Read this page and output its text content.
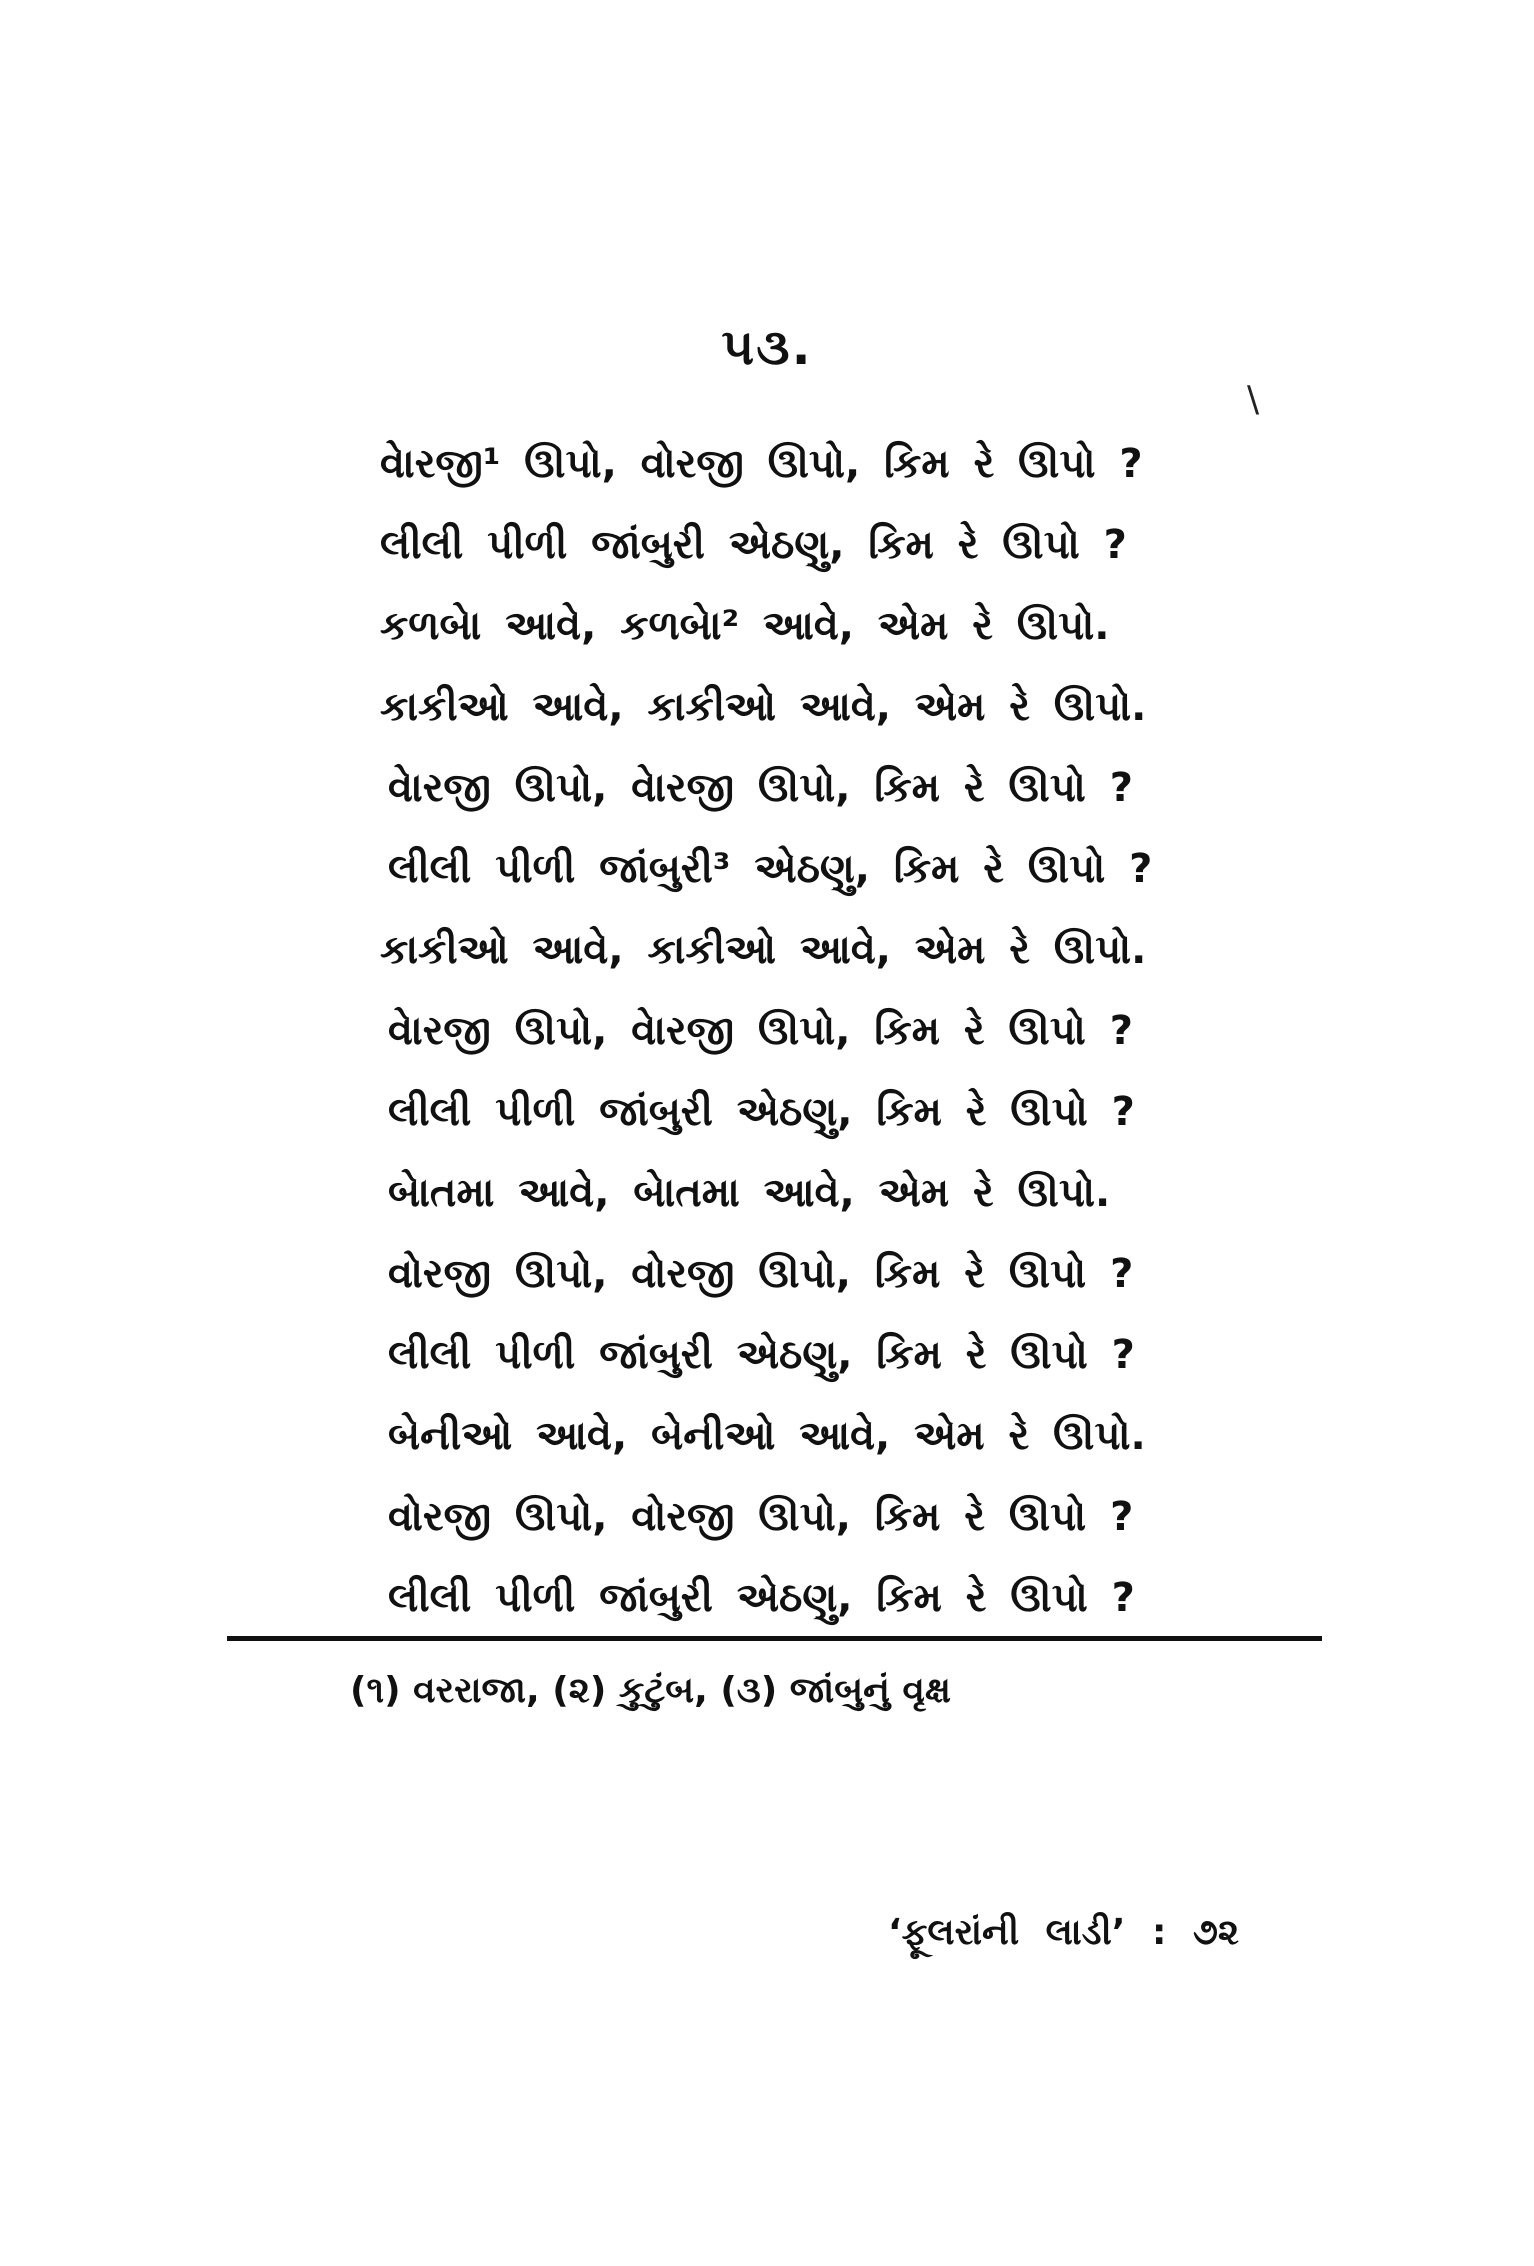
૫૩.
\
વેારજી¹ ઊપો, વોરજી ઊપો, કિમ રે ઊપો ?
લીલી પીળી જાંબુરી એઠણુ, કિમ રે ઊપો ?
કળબેા આવે, કળબેા² આવે, એમ રે ઊપો.
કાકીઓ આવે, કાકીઓ આવે, એમ રે ઊપો.
વેારજી ઊપો, વેારજી ઊપો, કિમ રે ઊપો ?
લીલી પીળી જાંબુરી³ એઠણુ, કિમ રે ઊપો ?
કાકીઓ આવે, કાકીઓ આવે, એમ રે ઊપો.
વેારજી ઊપો, વેારજી ઊપો, કિમ રે ઊપો ?
લીલી પીળી જાંબુરી એઠણુ, કિમ રે ઊપો ?
બેાતમા આવે, બેાતમા આવે, એમ રે ઊપો.
વોરજી ઊપો, વોરજી ઊપો, કિમ રે ઊપો ?
લીલી પીળી જાંબુરી એઠણુ, કિમ રે ઊપો ?
બેનીઓ આવે, બેનીઓ આવે, એમ રે ઊપો.
વોરજી ઊપો, વોરજી ઊપો, કિમ રે ઊપો ?
લીલી પીળી જાંબુરી એઠણુ, કિમ રે ઊપો ?
(૧) વરરાજા, (૨) કુટુંબ, (૩) જાંબુનું વૃક્ષ
‘ફૂલરાંની લાડી’ : ૭૨
